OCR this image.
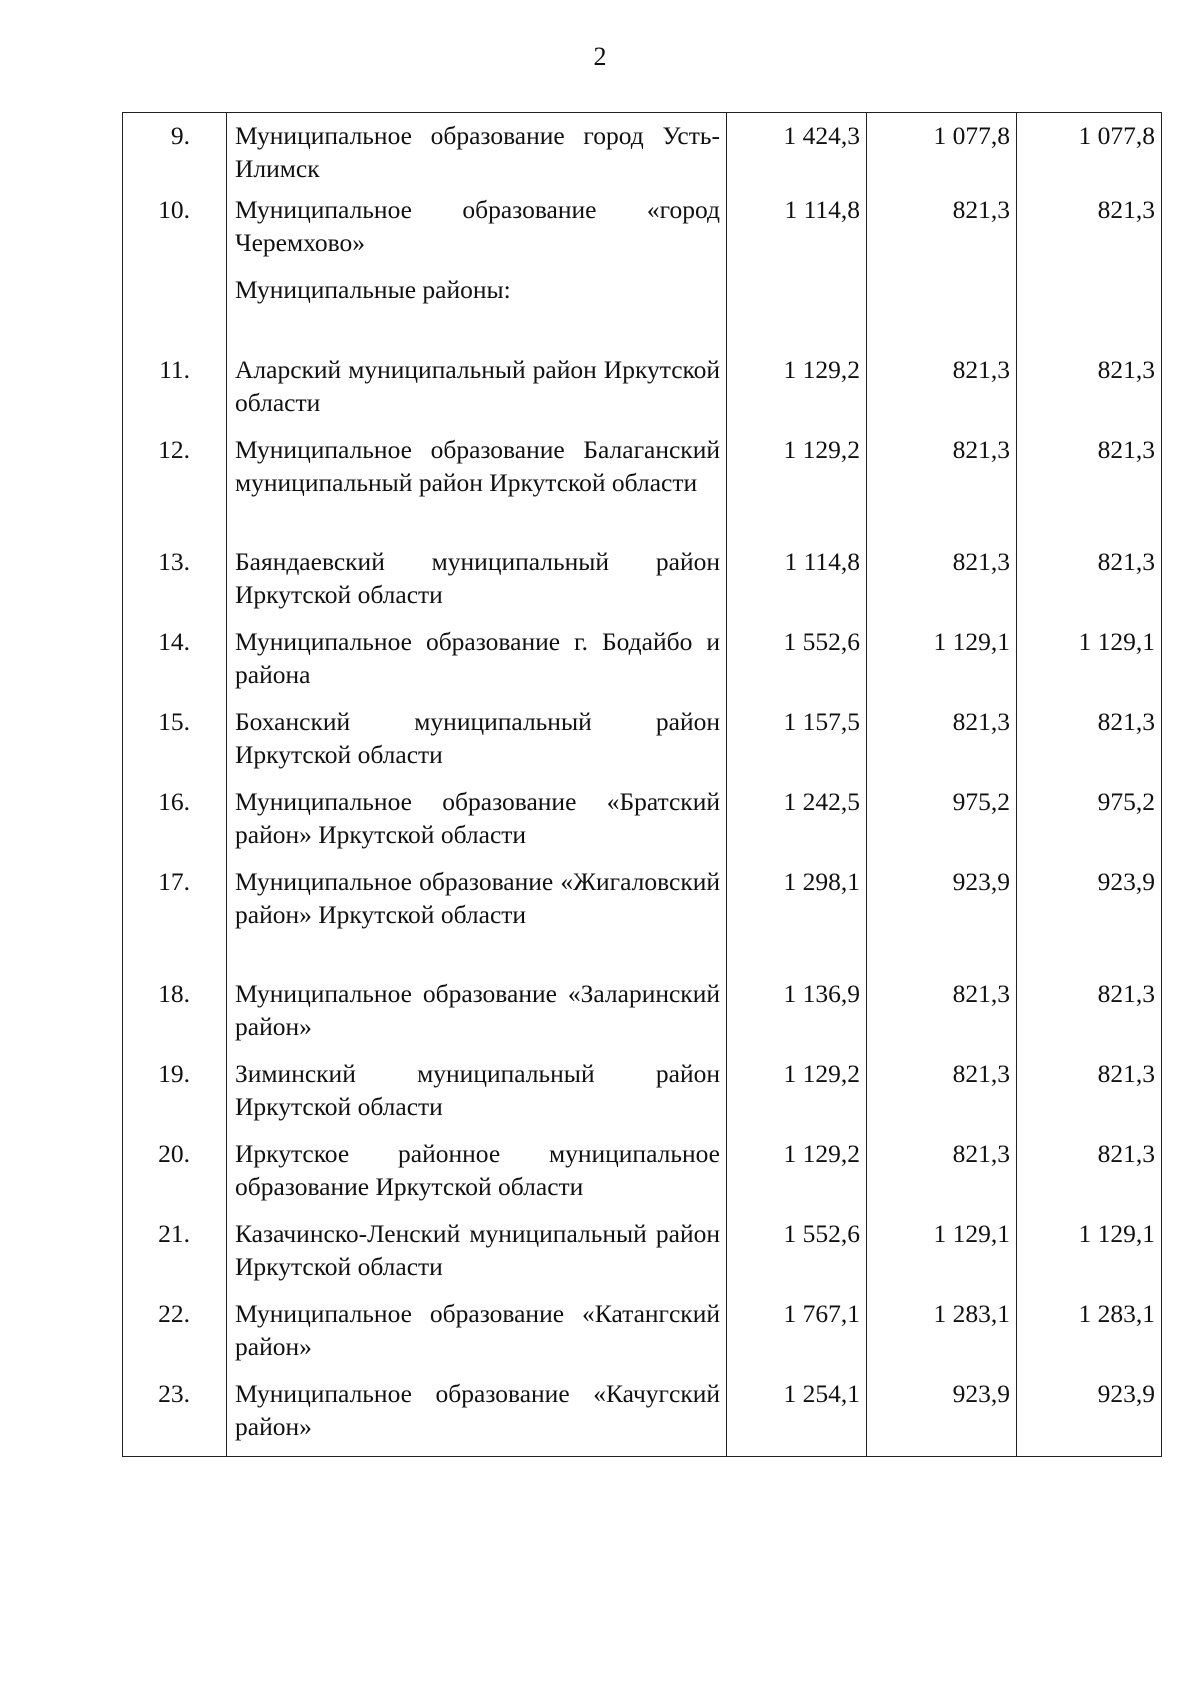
2
9.	Муниципальное образование город Усть-Илимск	1 424,3	1 077,8	1 077,8
10.	Муниципальное образование «город Черемхово»	1 114,8	821,3	821,3
	Муниципальные районы:			
11.	Аларский муниципальный район Иркутской области	1 129,2	821,3	821,3
12.	Муниципальное образование Балаганский муниципальный район Иркутской области	1 129,2	821,3	821,3
13.	Баяндаевский муниципальный район Иркутской области	1 114,8	821,3	821,3
14.	Муниципальное образование г. Бодайбо и района	1 552,6	1 129,1	1 129,1
15.	Боханский муниципальный район Иркутской области	1 157,5	821,3	821,3
16.	Муниципальное образование «Братский район» Иркутской области	1 242,5	975,2	975,2
17.	Муниципальное образование «Жигаловский район» Иркутской области	1 298,1	923,9	923,9
18.	Муниципальное образование «Заларинский район»	1 136,9	821,3	821,3
19.	Зиминский муниципальный район Иркутской области	1 129,2	821,3	821,3
20.	Иркутское районное муниципальное образование Иркутской области	1 129,2	821,3	821,3
21.	Казачинско-Ленский муниципальный район Иркутской области	1 552,6	1 129,1	1 129,1
22.	Муниципальное образование «Катангский район»	1 767,1	1 283,1	1 283,1
23.	Муниципальное образование «Качугский район»	1 254,1	923,9	923,9
